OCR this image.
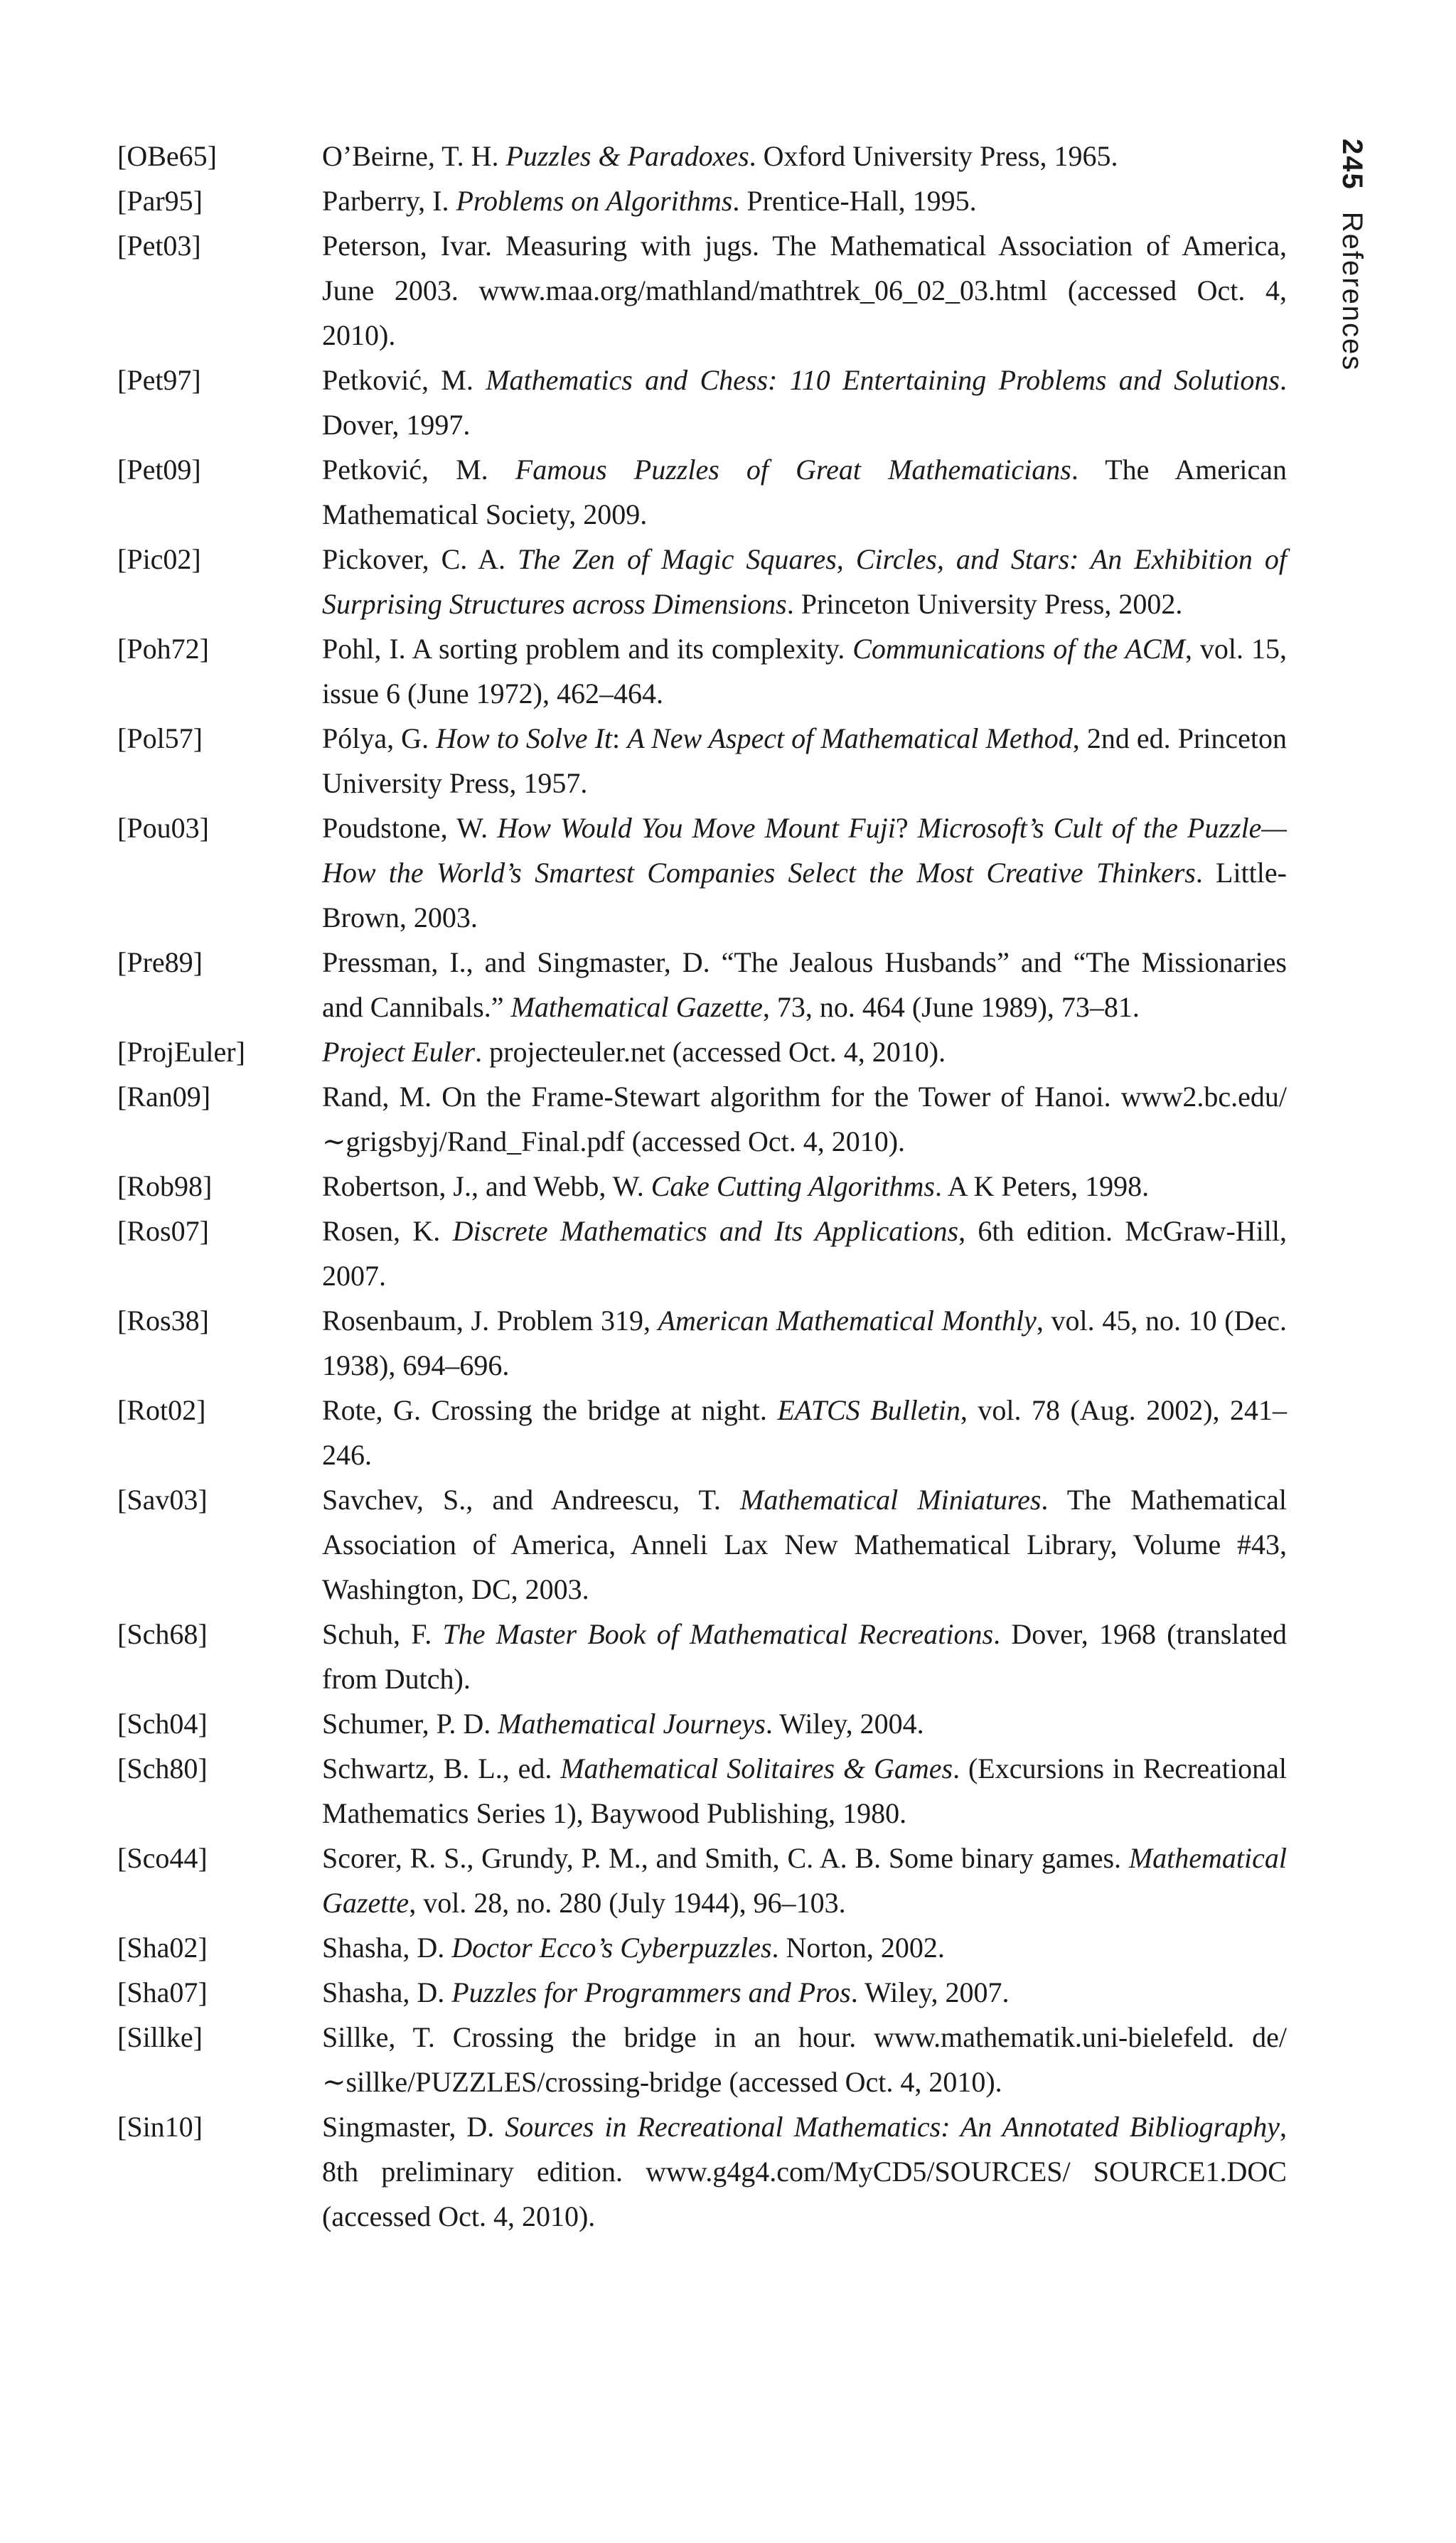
245References
[OBe65]	O’Beirne, T. H. Puzzles & Paradoxes. Oxford University Press, 1965.
[Par95]	Parberry, I. Problems on Algorithms. Prentice-Hall, 1995.
[Pet03]	Peterson, Ivar. Measuring with jugs. The Mathematical Association of America, June 2003. www.maa.org/mathland/mathtrek_06_02_03.html (accessed Oct. 4, 2010).
[Pet97]	Petković, M. Mathematics and Chess: 110 Entertaining Problems and Solutions. Dover, 1997.
[Pet09]	Petković, M. Famous Puzzles of Great Mathematicians. The American Mathematical Society, 2009.
[Pic02]	Pickover, C. A. The Zen of Magic Squares, Circles, and Stars: An Exhibition of Surprising Structures across Dimensions. Princeton University Press, 2002.
[Poh72]	Pohl, I. A sorting problem and its complexity. Communications of the ACM, vol. 15, issue 6 (June 1972), 462–464.
[Pol57]	Pólya, G. How to Solve It: A New Aspect of Mathematical Method, 2nd ed. Princeton University Press, 1957.
[Pou03]	Poudstone, W. How Would You Move Mount Fuji? Microsoft’s Cult of the Puzzle—How the World’s Smartest Companies Select the Most Creative Thinkers. Little-Brown, 2003.
[Pre89]	Pressman, I., and Singmaster, D. “The Jealous Husbands” and “The Missionaries and Cannibals.” Mathematical Gazette, 73, no. 464 (June 1989), 73–81.
[ProjEuler]	Project Euler. projecteuler.net (accessed Oct. 4, 2010).
[Ran09]	Rand, M. On the Frame-Stewart algorithm for the Tower of Hanoi. www2.bc.edu/∼grigsbyj/Rand_Final.pdf (accessed Oct. 4, 2010).
[Rob98]	Robertson, J., and Webb, W. Cake Cutting Algorithms. A K Peters, 1998.
[Ros07]	Rosen, K. Discrete Mathematics and Its Applications, 6th edition. McGraw-Hill, 2007.
[Ros38]	Rosenbaum, J. Problem 319, American Mathematical Monthly, vol. 45, no. 10 (Dec. 1938), 694–696.
[Rot02]	Rote, G. Crossing the bridge at night. EATCS Bulletin, vol. 78 (Aug. 2002), 241–246.
[Sav03]	Savchev, S., and Andreescu, T. Mathematical Miniatures. The Mathematical Association of America, Anneli Lax New Mathematical Library, Volume #43, Washington, DC, 2003.
[Sch68]	Schuh, F. The Master Book of Mathematical Recreations. Dover, 1968 (translated from Dutch).
[Sch04]	Schumer, P. D. Mathematical Journeys. Wiley, 2004.
[Sch80]	Schwartz, B. L., ed. Mathematical Solitaires & Games. (Excursions in Recreational Mathematics Series 1), Baywood Publishing, 1980.
[Sco44]	Scorer, R. S., Grundy, P. M., and Smith, C. A. B. Some binary games. Mathematical Gazette, vol. 28, no. 280 (July 1944), 96–103.
[Sha02]	Shasha, D. Doctor Ecco’s Cyberpuzzles. Norton, 2002.
[Sha07]	Shasha, D. Puzzles for Programmers and Pros. Wiley, 2007.
[Sillke]	Sillke, T. Crossing the bridge in an hour. www.mathematik.uni-bielefeld. de/∼sillke/PUZZLES/crossing-bridge (accessed Oct. 4, 2010).
[Sin10]	Singmaster, D. Sources in Recreational Mathematics: An Annotated Bibliography, 8th preliminary edition. www.g4g4.com/MyCD5/SOURCES/ SOURCE1.DOC (accessed Oct. 4, 2010).
